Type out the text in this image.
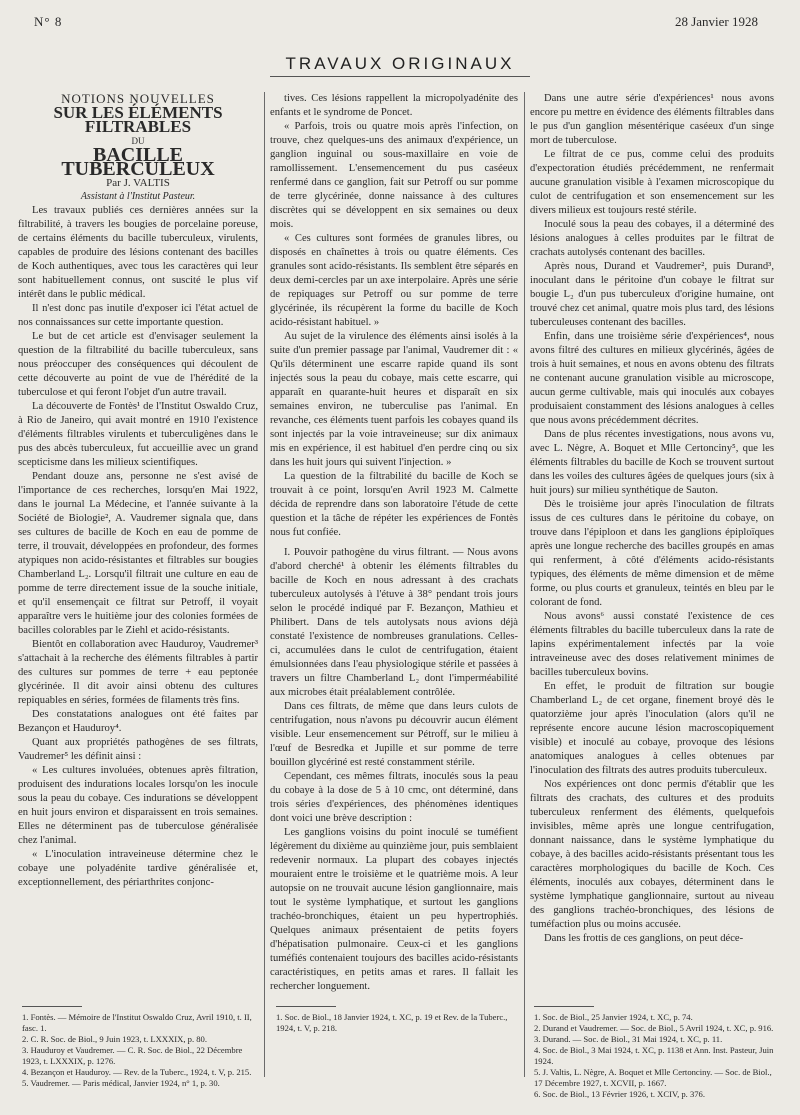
N° 8	28 Janvier 1928
TRAVAUX ORIGINAUX

NOTIONS NOUVELLES

SUR LES ÉLÉMENTS FILTRABLES

DU

BACILLE TUBERCULEUX

Par J. VALTIS

Assistant à l'Institut Pasteur.

Les travaux publiés ces dernières années sur la filtrabilité, à travers les bougies de porcelaine poreuse, de certains éléments du bacille tuberculeux, virulents, capables de produire des lésions contenant des bacilles de Koch authentiques, avec tous les caractères qui leur sont habituellement connus, ont suscité le plus vif intérêt dans le public médical.

Il n'est donc pas inutile d'exposer ici l'état actuel de nos connaissances sur cette importante question.

Le but de cet article est d'envisager seulement la question de la filtrabilité du bacille tuberculeux, sans nous préoccuper des conséquences qui découlent de cette découverte au point de vue de l'hérédité de la tuberculose et qui feront l'objet d'un autre travail.

La découverte de Fontès¹ de l'Institut Oswaldo Cruz, à Rio de Janeiro, qui avait montré en 1910 l'existence d'éléments filtrables virulents et tuberculigènes dans le pus des abcès tuberculeux, fut accueillie avec un grand scepticisme dans les milieux scientifiques.

Pendant douze ans, personne ne s'est avisé de l'importance de ces recherches, lorsqu'en Mai 1922, dans le journal La Médecine, et l'année suivante à la Société de Biologie², A. Vaudremer signala que, dans ses cultures de bacille de Koch en eau de pomme de terre, il trouvait, développées en profondeur, des formes atypiques non acido-résistantes et filtrables sur bougies Chamberland L₂. Lorsqu'il filtrait une culture en eau de pomme de terre directement issue de la souche initiale, et qu'il ensemençait ce filtrat sur Petroff, il voyait apparaître vers le huitième jour des colonies formées de bacilles colorables par le Ziehl et acido-résistants.

Bientôt en collaboration avec Hauduroy, Vaudremer³ s'attachait à la recherche des éléments filtrables à partir des cultures sur pommes de terre + eau peptonée glycérinée. Il dit avoir ainsi obtenu des cultures repiquables en séries, formées de filaments très fins.

Des constatations analogues ont été faites par Bezançon et Hauduroy⁴.

Quant aux propriétés pathogènes de ses filtrats, Vaudremer⁵ les définit ainsi :

« Les cultures involuées, obtenues après filtration, produisent des indurations locales lorsqu'on les inocule sous la peau du cobaye. Ces indurations se développent en huit jours environ et disparaissent en trois semaines. Elles ne déterminent pas de tuberculose généralisée chez l'animal.

« L'inoculation intraveineuse détermine chez le cobaye une polyadénite tardive généralisée et, exceptionnellement, des périarthrites conjonc-

tives. Ces lésions rappellent la micropolyadénite des enfants et le syndrome de Poncet.

« Parfois, trois ou quatre mois après l'infection, on trouve, chez quelques-uns des animaux d'expérience, un ganglion inguinal ou sous-maxillaire en voie de ramollissement. L'ensemencement du pus caséeux renfermé dans ce ganglion, fait sur Petroff ou sur pomme de terre glycérinée, donne naissance à des cultures discrètes qui se développent en six semaines ou deux mois.

« Ces cultures sont formées de granules libres, ou disposés en chaînettes à trois ou quatre éléments. Ces granules sont acido-résistants. Ils semblent être séparés en deux demi-cercles par un axe interpolaire. Après une série de repiquages sur Petroff ou sur pomme de terre glycérinée, ils récupèrent la forme du bacille de Koch acido-résistant habituel. »

Au sujet de la virulence des éléments ainsi isolés à la suite d'un premier passage par l'animal, Vaudremer dit : « Qu'ils déterminent une escarre rapide quand ils sont injectés sous la peau du cobaye, mais cette escarre, qui apparaît en quarante-huit heures et disparaît en six semaines environ, ne tuberculise pas l'animal. En revanche, ces éléments tuent parfois les cobayes quand ils sont injectés par la voie intraveineuse; sur dix animaux mis en expérience, il est habituel d'en perdre cinq ou six dans les huit jours qui suivent l'injection. »

La question de la filtrabilité du bacille de Koch se trouvait à ce point, lorsqu'en Avril 1923 M. Calmette décida de reprendre dans son laboratoire l'étude de cette question et la tâche de répéter les expériences de Fontès nous fut confiée.

I. Pouvoir pathogène du virus filtrant. — Nous avons d'abord cherché¹ à obtenir les éléments filtrables du bacille de Koch en nous adressant à des crachats tuberculeux autolysés à l'étuve à 38° pendant trois jours selon le procédé indiqué par F. Bezançon, Mathieu et Philibert. Dans de tels autolysats nous avions déjà constaté l'existence de nombreuses granulations. Celles-ci, accumulées dans le culot de centrifugation, étaient émulsionnées dans l'eau physiologique stérile et passées à travers un filtre Chamberland L₂ dont l'imperméabilité aux microbes était préalablement contrôlée.

Dans ces filtrats, de même que dans leurs culots de centrifugation, nous n'avons pu découvrir aucun élément visible. Leur ensemencement sur Pétroff, sur le milieu à l'œuf de Besredka et Jupille et sur pomme de terre bouillon glycériné est resté constamment stérile.

Cependant, ces mêmes filtrats, inoculés sous la peau du cobaye à la dose de 5 à 10 cmc, ont déterminé, dans trois séries d'expériences, des phénomènes identiques dont voici une brève description :

Les ganglions voisins du point inoculé se tuméfient légèrement du dixième au quinzième jour, puis semblaient redevenir normaux. La plupart des cobayes injectés mouraient entre le troisième et le quatrième mois. A leur autopsie on ne trouvait aucune lésion ganglionnaire, mais tout le système lymphatique, et surtout les ganglions trachéo-bronchiques, étaient un peu hypertrophiés. Quelques animaux présentaient de petits foyers d'hépatisation pulmonaire. Ceux-ci et les ganglions tuméfiés contenaient toujours des bacilles acido-résistants caractéristiques, en petits amas et rares. Il fallait les rechercher longuement.

Dans une autre série d'expériences¹ nous avons encore pu mettre en évidence des éléments filtrables dans le pus d'un ganglion mésentérique caséeux d'un singe mort de tuberculose.

Le filtrat de ce pus, comme celui des produits d'expectoration étudiés précédemment, ne renfermait aucune granulation visible à l'examen microscopique du culot de centrifugation et son ensemencement sur les divers milieux est toujours resté stérile.

Inoculé sous la peau des cobayes, il a déterminé des lésions analogues à celles produites par le filtrat de crachats autolysés contenant des bacilles.

Après nous, Durand et Vaudremer², puis Durand³, inoculant dans le péritoine d'un cobaye le filtrat sur bougie L₂ d'un pus tuberculeux d'origine humaine, ont trouvé chez cet animal, quatre mois plus tard, des lésions tuberculeuses contenant des bacilles.

Enfin, dans une troisième série d'expériences⁴, nous avons filtré des cultures en milieux glycérinés, âgées de trois à huit semaines, et nous en avons obtenu des filtrats ne contenant aucune granulation visible au microscope, aucun germe cultivable, mais qui inoculés aux cobayes produisaient constamment des lésions analogues à celles que nous avons précédemment décrites.

Dans de plus récentes investigations, nous avons vu, avec L. Nègre, A. Boquet et Mlle Certonciny⁵, que les éléments filtrables du bacille de Koch se trouvent surtout dans les voiles des cultures âgées de quelques jours (six à huit jours) sur milieu synthétique de Sauton.

Dès le troisième jour après l'inoculation de filtrats issus de ces cultures dans le péritoine du cobaye, on trouve dans l'épiploon et dans les ganglions épiploïques après une longue recherche des bacilles groupés en amas qui renferment, à côté d'éléments acido-résistants typiques, des éléments de même dimension et de même forme, ou plus courts et granuleux, teintés en bleu par le colorant de fond.

Nous avons⁶ aussi constaté l'existence de ces éléments filtrables du bacille tuberculeux dans la rate de lapins expérimentalement infectés par la voie intraveineuse avec des doses relativement minimes de bacilles tuberculeux bovins.

En effet, le produit de filtration sur bougie Chamberland L₂ de cet organe, finement broyé dès le quatorzième jour après l'inoculation (alors qu'il ne représente encore aucune lésion macroscopiquement visible) et inoculé au cobaye, provoque des lésions anatomiques analogues à celles obtenues par l'inoculation des filtrats des autres produits tuberculeux.

Nos expériences ont donc permis d'établir que les filtrats des crachats, des cultures et des produits tuberculeux renferment des éléments, quelquefois invisibles, même après une longue centrifugation, donnant naissance, dans le système lymphatique du cobaye, à des bacilles acido-résistants présentant tous les caractères morphologiques du bacille de Koch. Ces éléments, inoculés aux cobayes, déterminent dans le système lymphatique ganglionnaire, surtout au niveau des ganglions trachéo-bronchiques, des lésions de tuméfaction plus ou moins accusée.

Dans les frottis de ces ganglions, on peut déce-

1. Fontès. — Mémoire de l'Institut Oswaldo Cruz, Avril 1910, t. II, fasc. 1.

2. C. R. Soc. de Biol., 9 Juin 1923, t. LXXXIX, p. 80.

3. Hauduroy et Vaudremer. — C. R. Soc. de Biol., 22 Décembre 1923, t. LXXXIX, p. 1276.

4. Bezançon et Hauduroy. — Rev. de la Tuberc., 1924, t. V, p. 215.

5. Vaudremer. — Paris médical, Janvier 1924, n° 1, p. 30.

1. Soc. de Biol., 18 Janvier 1924, t. XC, p. 19 et Rev. de la Tuberc., 1924, t. V, p. 218.

1. Soc. de Biol., 25 Janvier 1924, t. XC, p. 74.

2. Durand et Vaudremer. — Soc. de Biol., 5 Avril 1924, t. XC, p. 916.

3. Durand. — Soc. de Biol., 31 Mai 1924, t. XC, p. 11.

4. Soc. de Biol., 3 Mai 1924, t. XC, p. 1138 et Ann. Inst. Pasteur, Juin 1924.

5. J. Valtis, L. Nègre, A. Boquet et Mlle Certonciny. — Soc. de Biol., 17 Décembre 1927, t. XCVII, p. 1667.

6. Soc. de Biol., 13 Février 1926, t. XCIV, p. 376.
